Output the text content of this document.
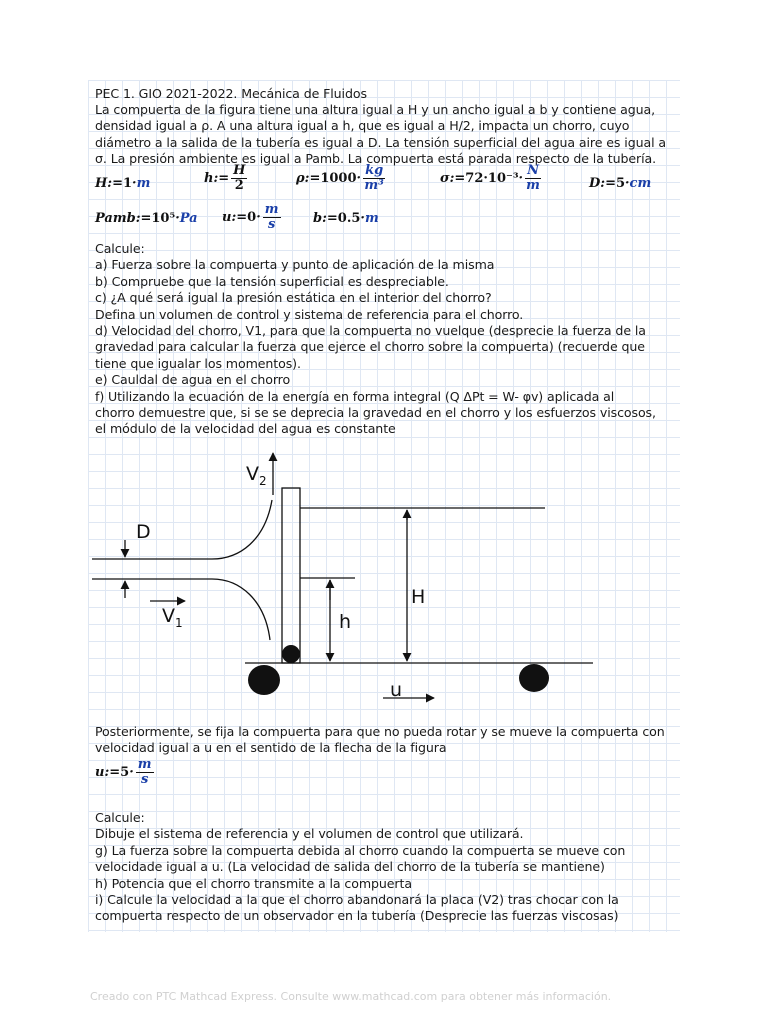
PEC 1. GIO 2021-2022. Mecánica de Fluidos

La compuerta de la figura tiene una altura igual a H y un ancho igual a b y contiene agua,
densidad igual a ρ. A una altura igual a h, que es igual a H/2, impacta un chorro, cuyo
diámetro a la salida de la tubería es igual a D. La tensión superficial del agua aire es igual a
σ. La presión ambiente es igual a Pamb. La compuerta está parada respecto de la tubería.

H:=1·m	h:= $\frac{H}{2}$	ρ:=1000· $\frac{kg}{\text{m³}}$	σ:=72·10⁻³· $\frac{N}{m}$	D:=5·cm
Pamb:=10⁵·Pa u:=0· $\frac{m}{s}$	b:=0.5·m

Calcule:
a) Fuerza sobre la compuerta y punto de aplicación de la misma
b) Compruebe que la tensión superficial es despreciable.
c) ¿A qué será igual la presión estática en el interior del chorro?
Defina un volumen de control y sistema de referencia para el chorro.
d) Velocidad del chorro, V1, para que la compuerta no vuelque (desprecie la fuerza de la
gravedad para calcular la fuerza que ejerce el chorro sobre la compuerta) (recuerde que
tiene que igualar los momentos).
e) Cauldal de agua en el chorro
f) Utilizando la ecuación de la energía en forma integral (Q ΔPt = W- φv) aplicada al
chorro demuestre que, si se se deprecia la gravedad en el chorro y los esfuerzos viscosos,
el módulo de la velocidad del agua es constante

$V_2$
D
$V_1$
H
h
u

Posteriormente, se fija la compuerta para que no pueda rotar y se mueve la compuerta con
velocidad igual a u en el sentido de la flecha de la figura

u:=5· $\frac{m}{s}$

Calcule:
Dibuje el sistema de referencia y el volumen de control que utilizará.
g) La fuerza sobre la compuerta debida al chorro cuando la compuerta se mueve con
velocidade igual a u. (La velocidad de salida del chorro de la tubería se mantiene)
h) Potencia que el chorro transmite a la compuerta
i) Calcule la velocidad a la que el chorro abandonará la placa (V2) tras chocar con la
compuerta respecto de un observador en la tubería (Desprecie las fuerzas viscosas)

Creado con PTC Mathcad Express. Consulte www.mathcad.com para obtener más información.
